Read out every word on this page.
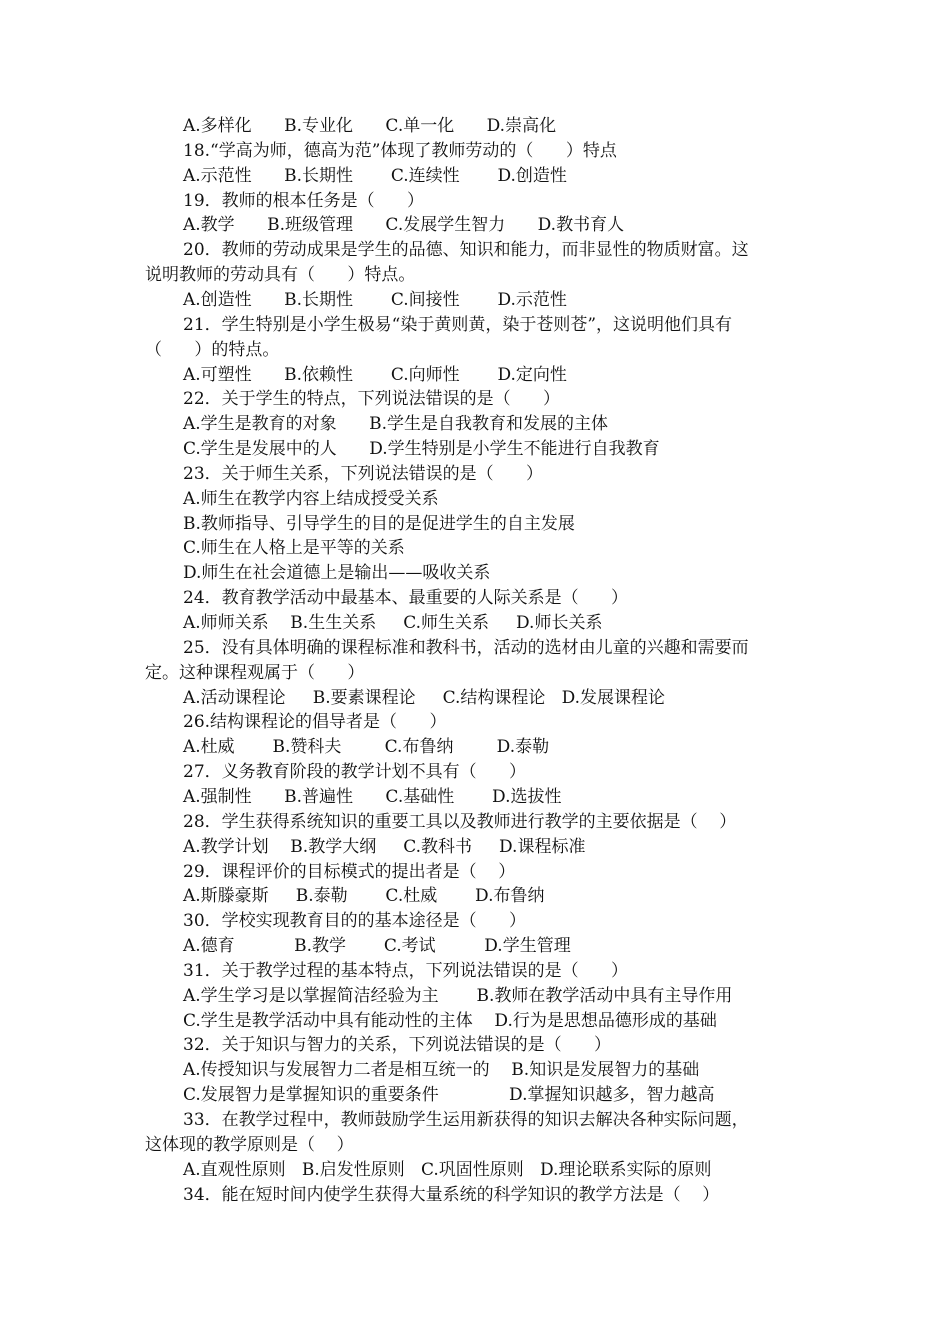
A.多样化      B.专业化      C.单一化      D.崇高化
18.“学高为师，德高为范”体现了教师劳动的（      ）特点
A.示范性      B.长期性       C.连续性       D.创造性
19．教师的根本任务是（      ）
A.教学      B.班级管理      C.发展学生智力      D.教书育人
20．教师的劳动成果是学生的品德、知识和能力，而非显性的物质财富。这
说明教师的劳动具有（      ）特点。
A.创造性      B.长期性       C.间接性       D.示范性
21．学生特别是小学生极易“染于黄则黄，染于苍则苍”，这说明他们具有
（      ）的特点。
A.可塑性      B.依赖性       C.向师性       D.定向性
22．关于学生的特点，下列说法错误的是（      ）
A.学生是教育的对象      B.学生是自我教育和发展的主体
C.学生是发展中的人      D.学生特别是小学生不能进行自我教育
23．关于师生关系，下列说法错误的是（      ）
A.师生在教学内容上结成授受关系
B.教师指导、引导学生的目的是促进学生的自主发展
C.师生在人格上是平等的关系
D.师生在社会道德上是输出——吸收关系
24．教育教学活动中最基本、最重要的人际关系是（      ）
A.师师关系    B.生生关系     C.师生关系     D.师长关系
25．没有具体明确的课程标准和教科书，活动的选材由儿童的兴趣和需要而
定。这种课程观属于（      ）
A.活动课程论     B.要素课程论     C.结构课程论   D.发展课程论
26.结构课程论的倡导者是（      ）
A.杜威       B.赞科夫        C.布鲁纳        D.泰勒
27．义务教育阶段的教学计划不具有（      ）
A.强制性      B.普遍性      C.基础性       D.选拔性
28．学生获得系统知识的重要工具以及教师进行教学的主要依据是（    ）
A.教学计划    B.教学大纲     C.教科书     D.课程标准
29．课程评价的目标模式的提出者是（    ）
A.斯滕豪斯     B.泰勒       C.杜威       D.布鲁纳
30．学校实现教育目的的基本途径是（      ）
A.德育           B.教学       C.考试         D.学生管理
31．关于教学过程的基本特点，下列说法错误的是（      ）
A.学生学习是以掌握简洁经验为主       B.教师在教学活动中具有主导作用
C.学生是教学活动中具有能动性的主体    D.行为是思想品德形成的基础
32．关于知识与智力的关系，下列说法错误的是（      ）
A.传授知识与发展智力二者是相互统一的    B.知识是发展智力的基础
C.发展智力是掌握知识的重要条件             D.掌握知识越多，智力越高
33．在教学过程中，教师鼓励学生运用新获得的知识去解决各种实际问题，
这体现的教学原则是（    ）
A.直观性原则   B.启发性原则   C.巩固性原则   D.理论联系实际的原则
34．能在短时间内使学生获得大量系统的科学知识的教学方法是（    ）
